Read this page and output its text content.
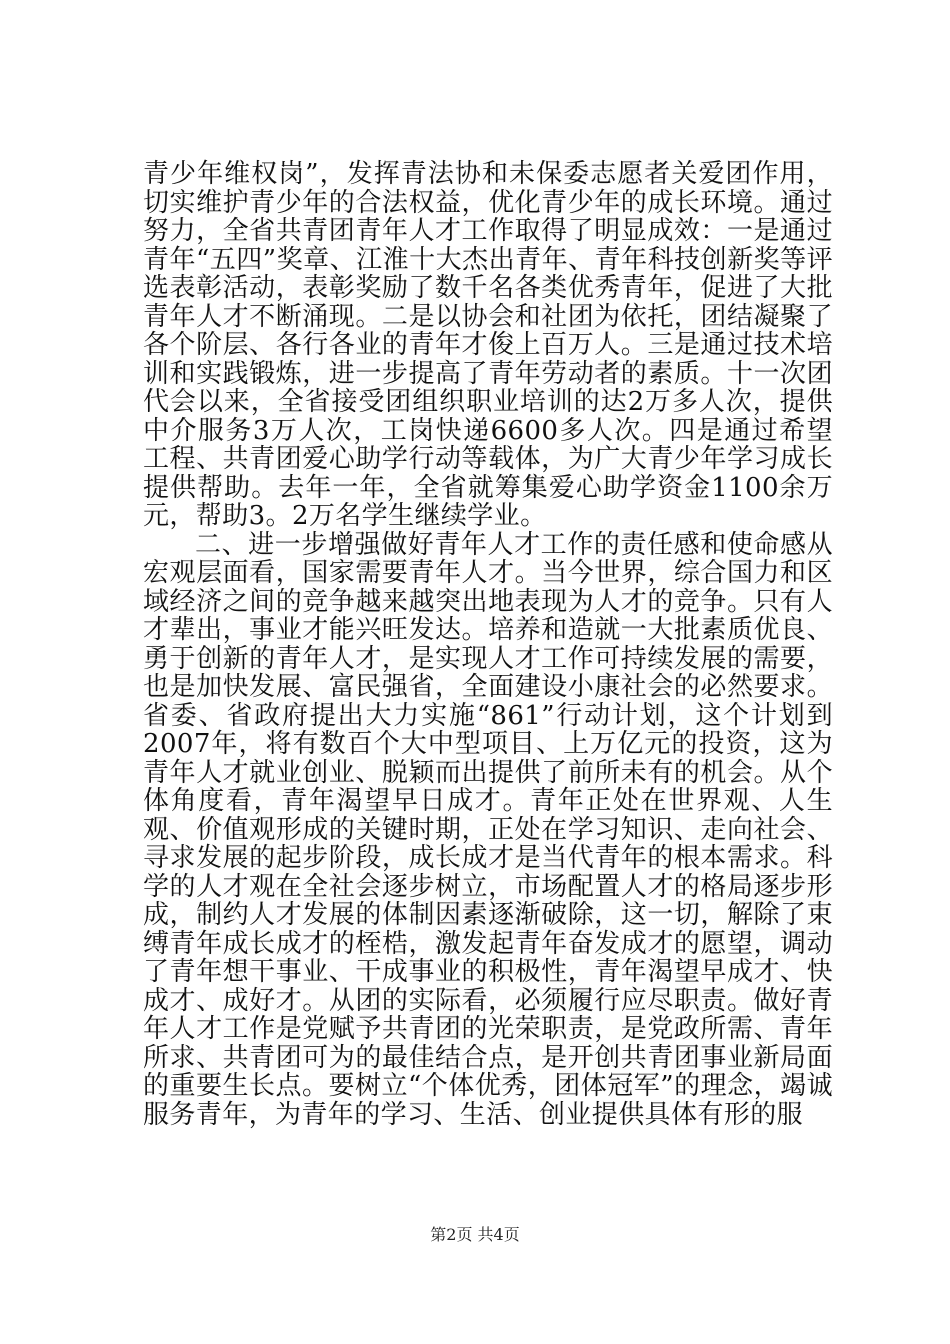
青少年维权岗”，发挥青法协和未保委志愿者关爱团作用，切实维护青少年的合法权益，优化青少年的成长环境。通过努力，全省共青团青年人才工作取得了明显成效：一是通过青年“五四”奖章、江淮十大杰出青年、青年科技创新奖等评选表彰活动，表彰奖励了数千名各类优秀青年，促进了大批青年人才不断涌现。二是以协会和社团为依托，团结凝聚了各个阶层、各行各业的青年才俊上百万人。三是通过技术培训和实践锻炼，进一步提高了青年劳动者的素质。十一次团代会以来，全省接受团组织职业培训的达2万多人次，提供中介服务3万人次，工岗快递6600多人次。四是通过希望工程、共青团爱心助学行动等载体，为广大青少年学习成长提供帮助。去年一年，全省就筹集爱心助学资金1100余万元，帮助3。2万名学生继续学业。

二、进一步增强做好青年人才工作的责任感和使命感从宏观层面看，国家需要青年人才。当今世界，综合国力和区域经济之间的竞争越来越突出地表现为人才的竞争。只有人才辈出，事业才能兴旺发达。培养和造就一大批素质优良、勇于创新的青年人才，是实现人才工作可持续发展的需要，也是加快发展、富民强省，全面建设小康社会的必然要求。省委、省政府提出大力实施“861”行动计划，这个计划到2007年，将有数百个大中型项目、上万亿元的投资，这为青年人才就业创业、脱颖而出提供了前所未有的机会。从个体角度看，青年渴望早日成才。青年正处在世界观、人生观、价值观形成的关键时期，正处在学习知识、走向社会、寻求发展的起步阶段，成长成才是当代青年的根本需求。科学的人才观在全社会逐步树立，市场配置人才的格局逐步形成，制约人才发展的体制因素逐渐破除，这一切，解除了束缚青年成长成才的桎梏，激发起青年奋发成才的愿望，调动了青年想干事业、干成事业的积极性，青年渴望早成才、快成才、成好才。从团的实际看，必须履行应尽职责。做好青年人才工作是党赋予共青团的光荣职责，是党政所需、青年所求、共青团可为的最佳结合点，是开创共青团事业新局面的重要生长点。要树立“个体优秀，团体冠军”的理念，竭诚服务青年，为青年的学习、生活、创业提供具体有形的服

第2页 共4页
